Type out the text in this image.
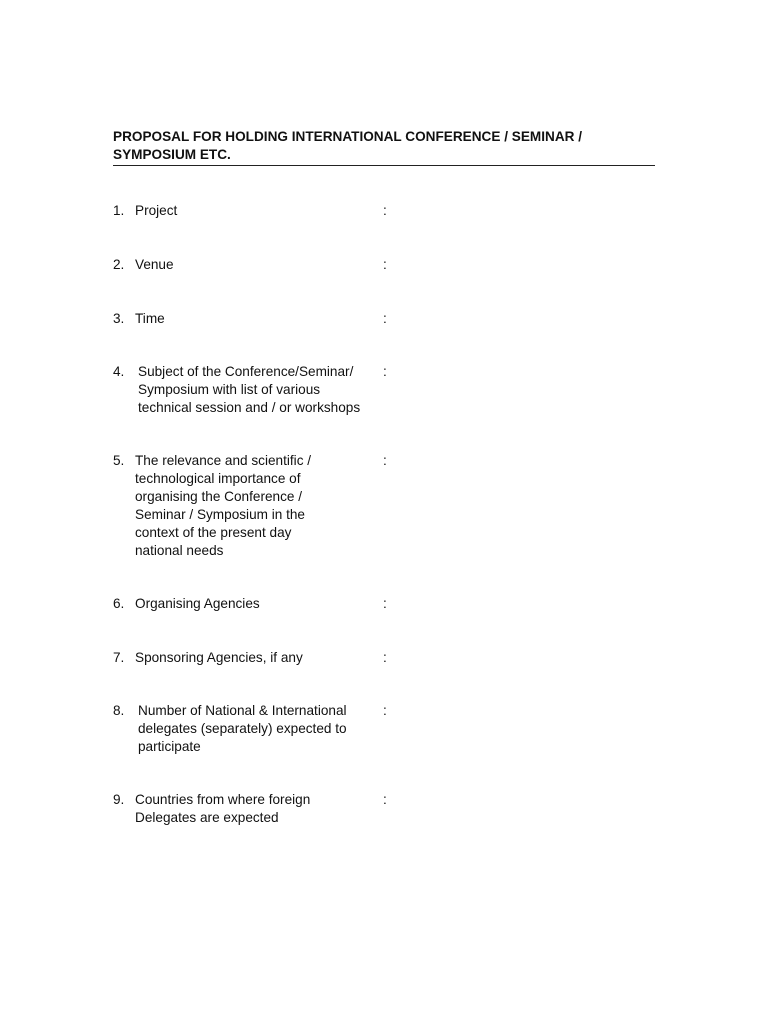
PROPOSAL FOR HOLDING INTERNATIONAL CONFERENCE / SEMINAR / SYMPOSIUM ETC.
1. Project	:
2. Venue	:
3. Time	:
4. Subject of the Conference/Seminar/
Symposium with list of various
technical session and / or workshops
:
5. The relevance and scientific /
technological importance of
organising the Conference /
Seminar / Symposium in the
context of the present day
national needs
:
6. Organising Agencies	:
7. Sponsoring Agencies, if any	:
8. Number of National & International
delegates (separately) expected to
participate
:
9. Countries from where foreign
Delegates are expected
:
